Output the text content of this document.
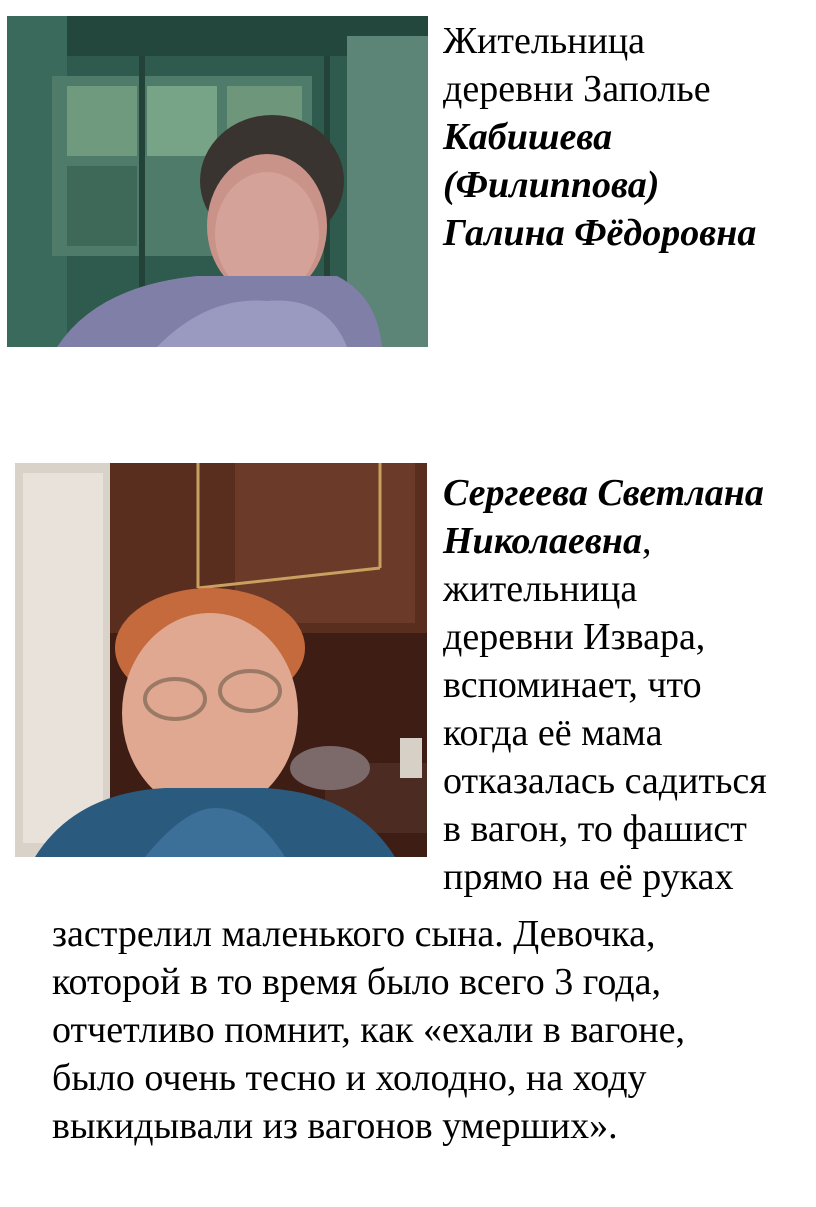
Жительница
деревни Заполье
Кабишева
(Филиппова)
Галина Фёдоровна
Сергеева Светлана
Николаевна,
жительница
деревни Извара,
вспоминает, что
когда её мама
отказалась садиться
в вагон, то фашист
прямо на её руках
застрелил маленького сына. Девочка,
которой в то время было всего 3 года,
отчетливо помнит, как «ехали в вагоне,
было очень тесно и холодно, на ходу
выкидывали из вагонов умерших».
